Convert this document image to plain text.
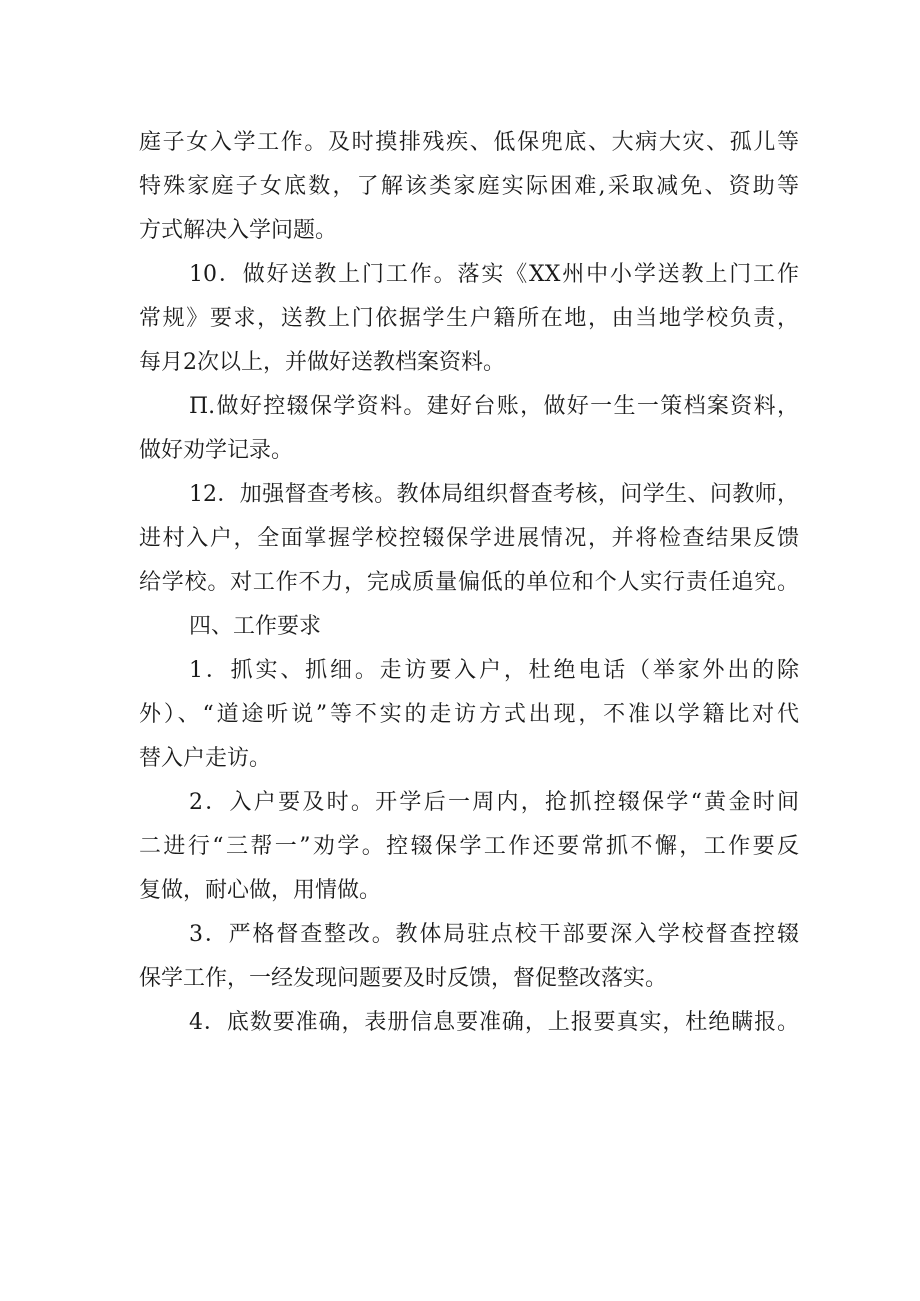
庭子女入学工作。及时摸排残疾、低保兜底、大病大灾、孤儿等
特殊家庭子女底数，了解该类家庭实际困难,采取减免、资助等
方式解决入学问题。
10．做好送教上门工作。落实《XX州中小学送教上门工作
常规》要求，送教上门依据学生户籍所在地，由当地学校负责，
每月2次以上，并做好送教档案资料。
Π.做好控辍保学资料。建好台账，做好一生一策档案资料，
做好劝学记录。
12．加强督查考核。教体局组织督查考核，问学生、问教师，
进村入户，全面掌握学校控辍保学进展情况，并将检查结果反馈
给学校。对工作不力，完成质量偏低的单位和个人实行责任追究。
四、工作要求
1．抓实、抓细。走访要入户，杜绝电话（举家外出的除
外）、“道途听说”等不实的走访方式出现，不准以学籍比对代
替入户走访。
2．入户要及时。开学后一周内，抢抓控辍保学“黄金时间
二进行“三帮一”劝学。控辍保学工作还要常抓不懈，工作要反
复做，耐心做，用情做。
3．严格督查整改。教体局驻点校干部要深入学校督查控辍
保学工作，一经发现问题要及时反馈，督促整改落实。
4．底数要准确，表册信息要准确，上报要真实，杜绝瞒报。
